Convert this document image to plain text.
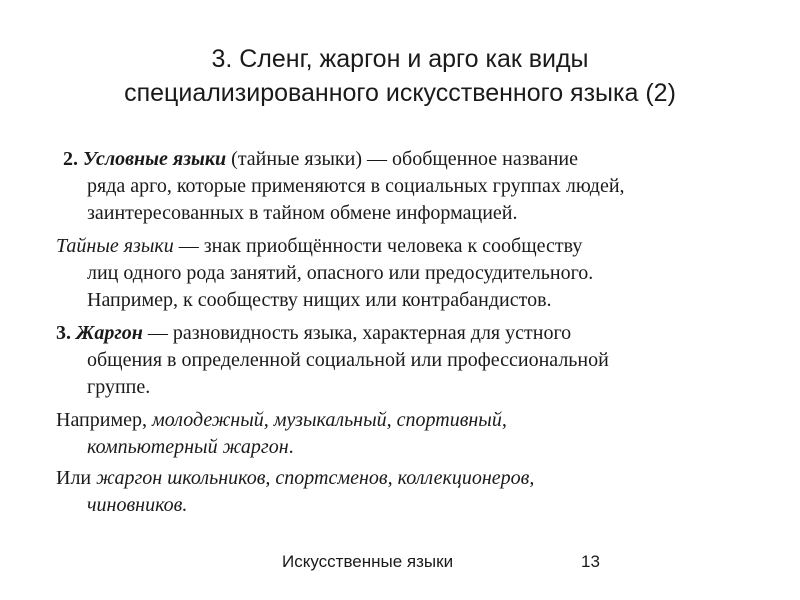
3. Сленг, жаргон и арго как виды
специализированного искусственного языка (2)
2. Условные языки (тайные языки) — обобщенное название
ряда арго, которые применяются в социальных группах людей,
заинтересованных в тайном обмене информацией.
Тайные языки — знак приобщённости человека к сообществу
лиц одного рода занятий, опасного или предосудительного.
Например, к сообществу нищих или контрабандистов.
3. Жаргон — разновидность языка, характерная для устного
общения в определенной социальной или профессиональной
группе.
Например, молодежный, музыкальный, спортивный,
компьютерный жаргон.
Или жаргон школьников, спортсменов, коллекционеров,
чиновников.
Искусственные языки	13
